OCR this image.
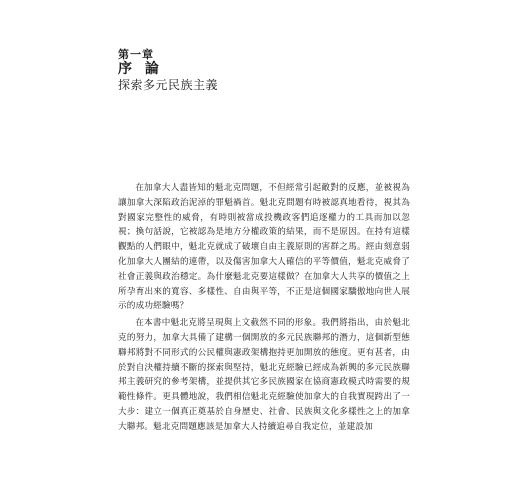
第一章
序 論
探索多元民族主義

在加拿大人盡皆知的魁北克問題，不但經常引起敵對的反應，並被視為讓加拿大深陷政治泥淖的罪魁禍首。魁北克問題有時被認真地看待，視其為對國家完整性的威脅，有時則被當成投機政客們追逐權力的工具而加以忽視；換句話說，它被認為是地方分權政策的結果，而不是原因。在持有這樣觀點的人們眼中，魁北克就成了破壞自由主義原則的害群之馬。經由刻意弱化加拿大人團結的連帶，以及傷害加拿大人確信的平等價值，魁北克威脅了社會正義與政治穩定。為什麼魁北克要這樣做？在加拿大人共享的價值之上所孕育出來的寬容、多樣性、自由與平等，不正是這個國家驕傲地向世人展示的成功經驗嗎？

在本書中魁北克將呈現與上文截然不同的形象。我們將指出，由於魁北克的努力，加拿大具備了建構一個開放的多元民族聯邦的潛力，這個新型態聯邦將對不同形式的公民權與憲政架構抱持更加開放的態度。更有甚者，由於對自決權持續不斷的探索與堅持，魁北克經驗已經成為新興的多元民族聯邦主義研究的參考架構，並提供其它多民族國家在協商憲政模式時需要的規範性條件。更具體地說，我們相信魁北克經驗使加拿大的自我實現跨出了一大步：建立一個真正奠基於自身歷史、社會、民族與文化多樣性之上的加拿大聯邦。魁北克問題應該是加拿大人持續追尋自我定位，並建設加
